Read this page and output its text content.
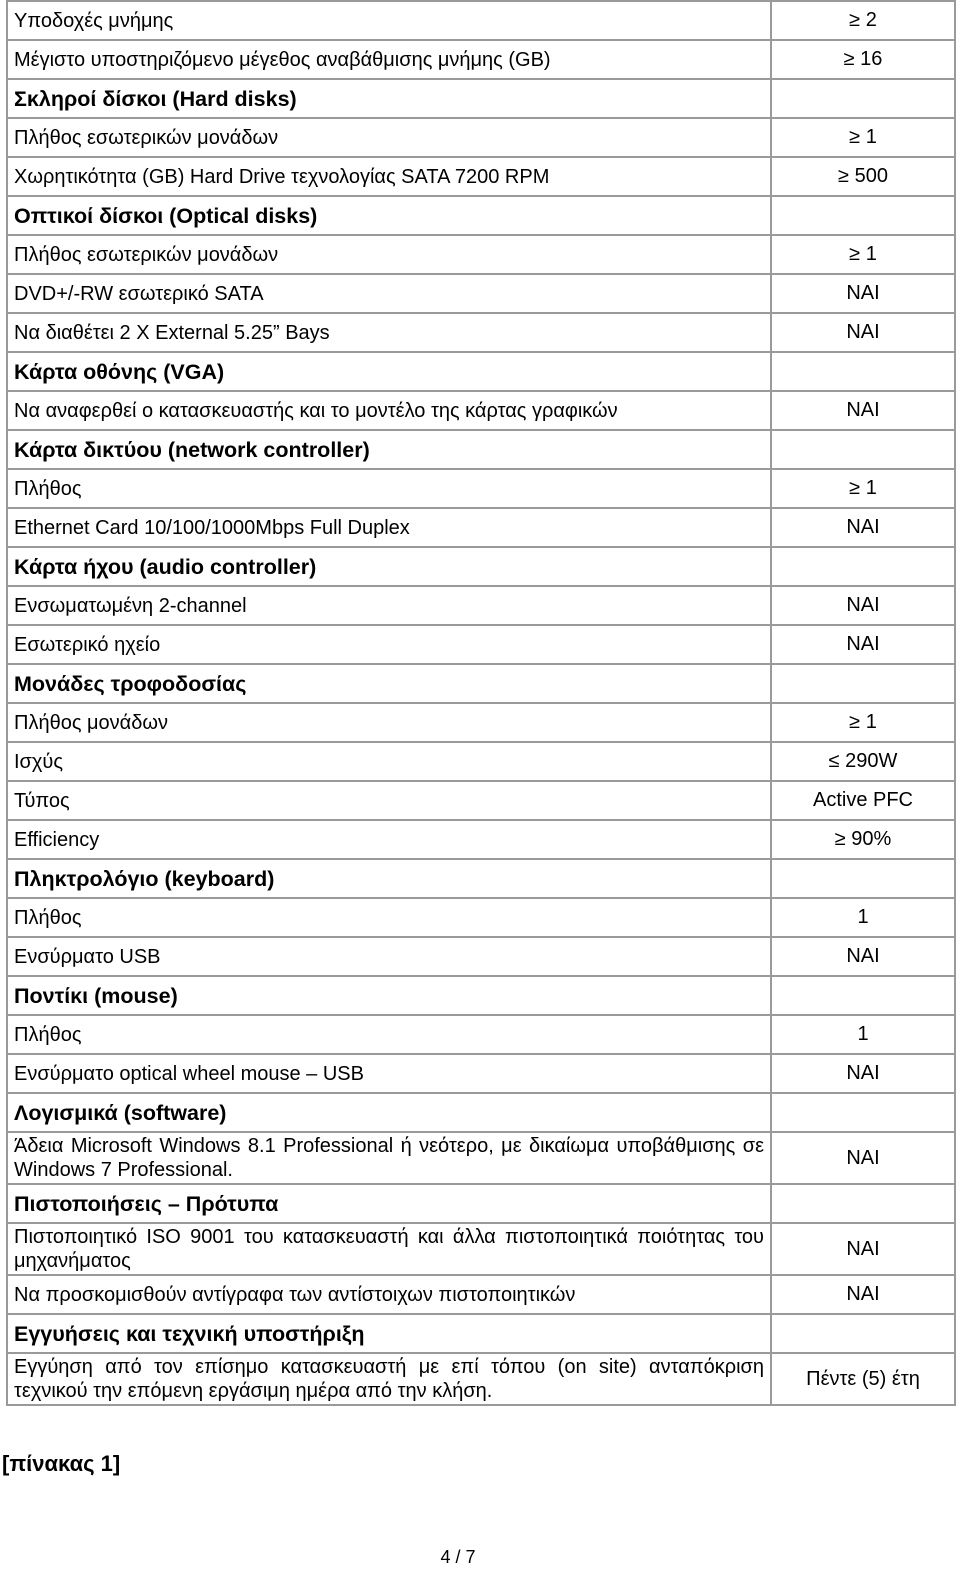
Υποδοχές μνήμης	≥ 2
Μέγιστο υποστηριζόμενο μέγεθος αναβάθμισης μνήμης (GB)	≥ 16
Σκληροί δίσκοι (Hard disks)	
Πλήθος εσωτερικών μονάδων	≥ 1
Χωρητικότητα (GB) Hard Drive τεχνολογίας SATA 7200 RPM	≥ 500
Οπτικοί δίσκοι (Optical disks)	
Πλήθος εσωτερικών μονάδων	≥ 1
DVD+/-RW εσωτερικό SATA	ΝΑΙ
Να διαθέτει 2 X External 5.25” Bays	ΝΑΙ
Κάρτα οθόνης (VGA)	
Να αναφερθεί ο κατασκευαστής και το μοντέλο της κάρτας γραφικών	ΝΑΙ
Κάρτα δικτύου (network controller)	
Πλήθος	≥ 1
Ethernet Card 10/100/1000Mbps Full Duplex	ΝΑΙ
Κάρτα ήχου (audio controller)	
Ενσωματωμένη 2-channel	ΝΑΙ
Εσωτερικό ηχείο	ΝΑΙ
Μονάδες τροφοδοσίας	
Πλήθος μονάδων	≥ 1
Ισχύς	≤ 290W
Τύπος	Active PFC
Efficiency	≥ 90%
Πληκτρολόγιο (keyboard)	
Πλήθος	1
Ενσύρματο USB	ΝΑΙ
Ποντίκι (mouse)	
Πλήθος	1
Ενσύρματο optical wheel mouse – USB	ΝΑΙ
Λογισμικά (software)	
Άδεια Microsoft Windows 8.1 Professional ή νεότερο, με δικαίωμα υποβάθμισης σε Windows 7 Professional.	ΝΑΙ
Πιστοποιήσεις – Πρότυπα	
Πιστοποιητικό ISO 9001 του κατασκευαστή και άλλα πιστοποιητικά ποιότητας του μηχανήματος	ΝΑΙ
Να προσκομισθούν αντίγραφα των αντίστοιχων πιστοποιητικών	ΝΑΙ
Εγγυήσεις και τεχνική υποστήριξη	
Εγγύηση από τον επίσημο κατασκευαστή με επί τόπου (on site) ανταπόκριση τεχνικού την επόμενη εργάσιμη ημέρα από την κλήση.	Πέντε (5) έτη
[πίνακας 1]
4 / 7
